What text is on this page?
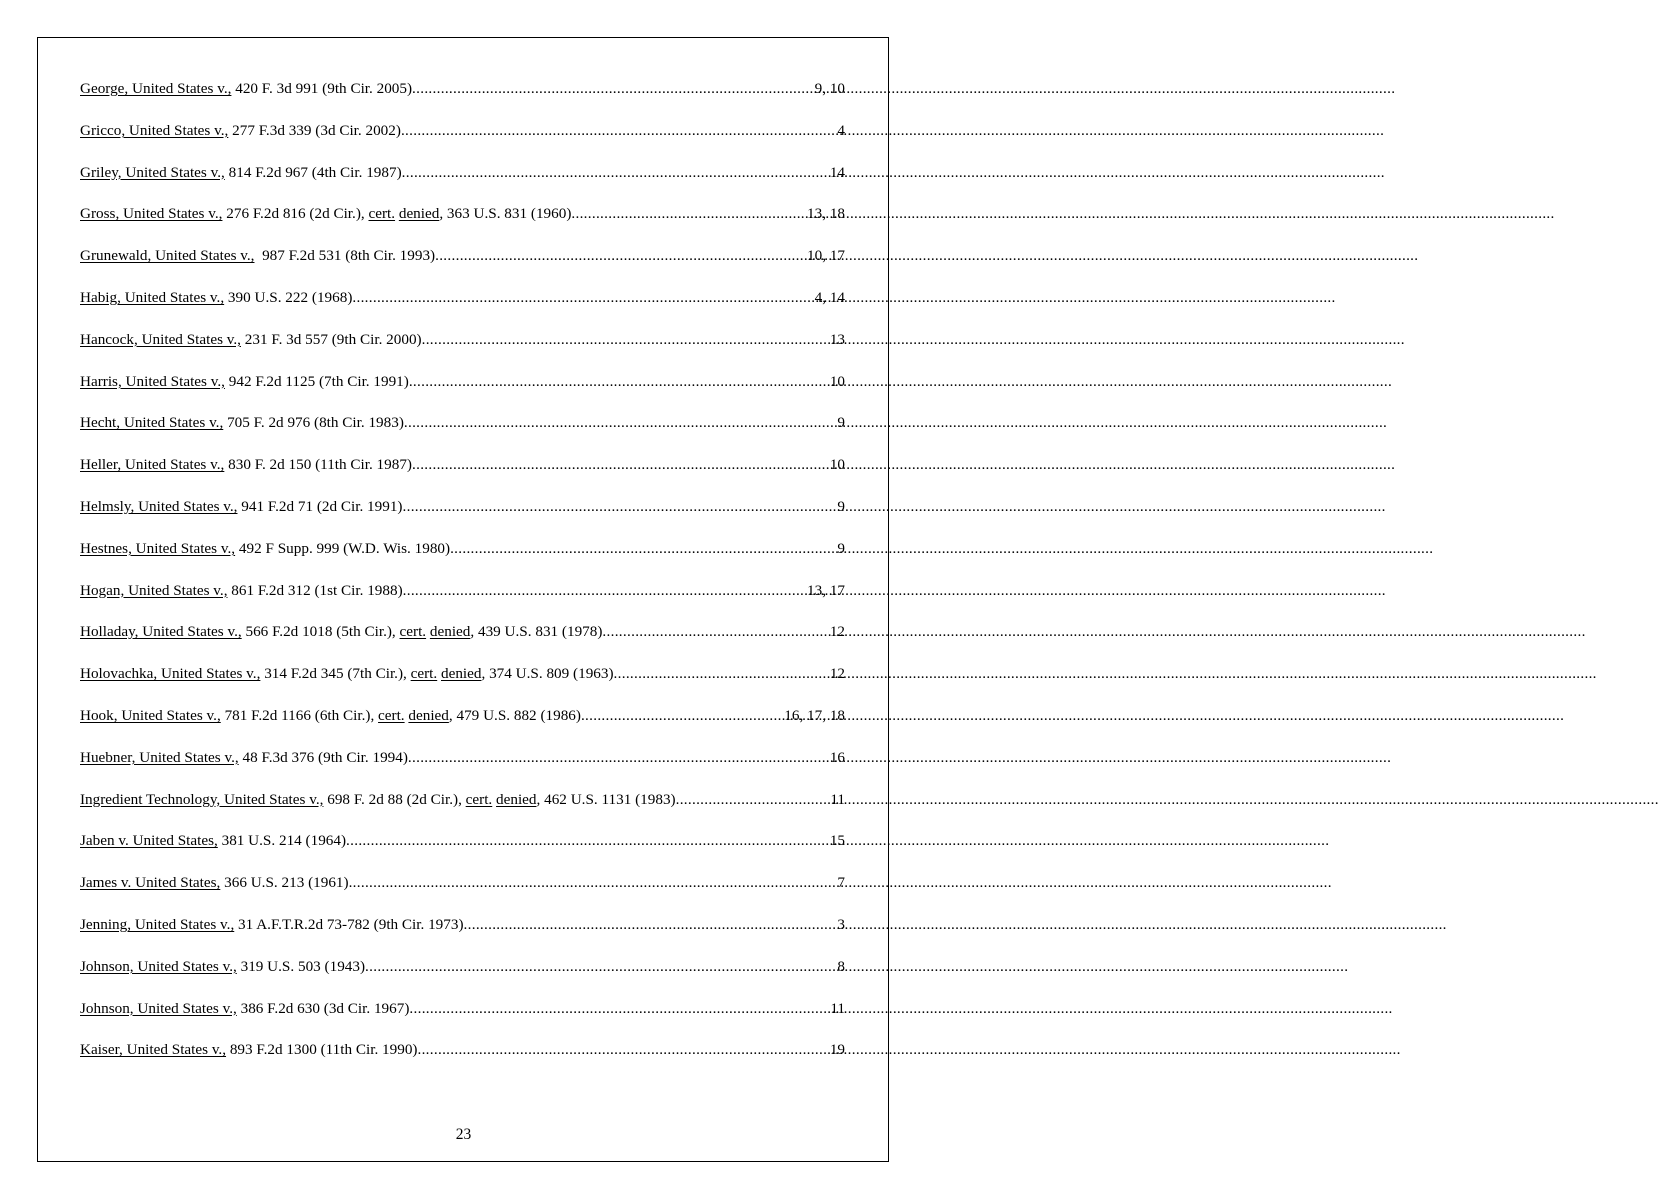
George, United States v., 420 F. 3d 991 (9th Cir. 2005) .....	9, 10
Gricco, United States v., 277 F.3d 339 (3d Cir. 2002) .....	4
Griley, United States v., 814 F.2d 967 (4th Cir. 1987) .....	14
Gross, United States v., 276 F.2d 816 (2d Cir.), cert. denied, 363 U.S. 831 (1960) .....	13, 18
Grunewald, United States v.,  987 F.2d 531 (8th Cir. 1993) .....	10, 17
Habig, United States v., 390 U.S. 222 (1968) .....	4, 14
Hancock, United States v., 231 F. 3d 557 (9th Cir. 2000) .....	13
Harris, United States v., 942 F.2d 1125 (7th Cir. 1991) .....	10
Hecht, United States v., 705 F. 2d 976 (8th Cir. 1983) .....	9
Heller, United States v., 830 F. 2d 150 (11th Cir. 1987) .....	10
Helmsly, United States v., 941 F.2d 71 (2d Cir. 1991) .....	9
Hestnes, United States v., 492 F Supp. 999 (W.D. Wis. 1980) .....	9
Hogan, United States v., 861 F.2d 312 (1st Cir. 1988) .....	13, 17
Holladay, United States v., 566 F.2d 1018 (5th Cir.), cert. denied, 439 U.S. 831 (1978) .....	12
Holovachka, United States v., 314 F.2d 345 (7th Cir.), cert. denied, 374 U.S. 809 (1963) .....	12
Hook, United States v., 781 F.2d 1166 (6th Cir.), cert. denied, 479 U.S. 882 (1986) .....	16, 17, 18
Huebner, United States v., 48 F.3d 376 (9th Cir. 1994) .....	16
Ingredient Technology, United States v., 698 F. 2d 88 (2d Cir.), cert. denied, 462 U.S. 1131 (1983) .....	11
Jaben v. United States, 381 U.S. 214 (1964) .....	15
James v. United States, 366 U.S. 213 (1961) .....	7
Jenning, United States v., 31 A.F.T.R.2d 73-782 (9th Cir. 1973) .....	3
Johnson, United States v., 319 U.S. 503 (1943) .....	8
Johnson, United States v., 386 F.2d 630 (3d Cir. 1967) .....	11
Kaiser, United States v., 893 F.2d 1300 (11th Cir. 1990) .....	19
23
